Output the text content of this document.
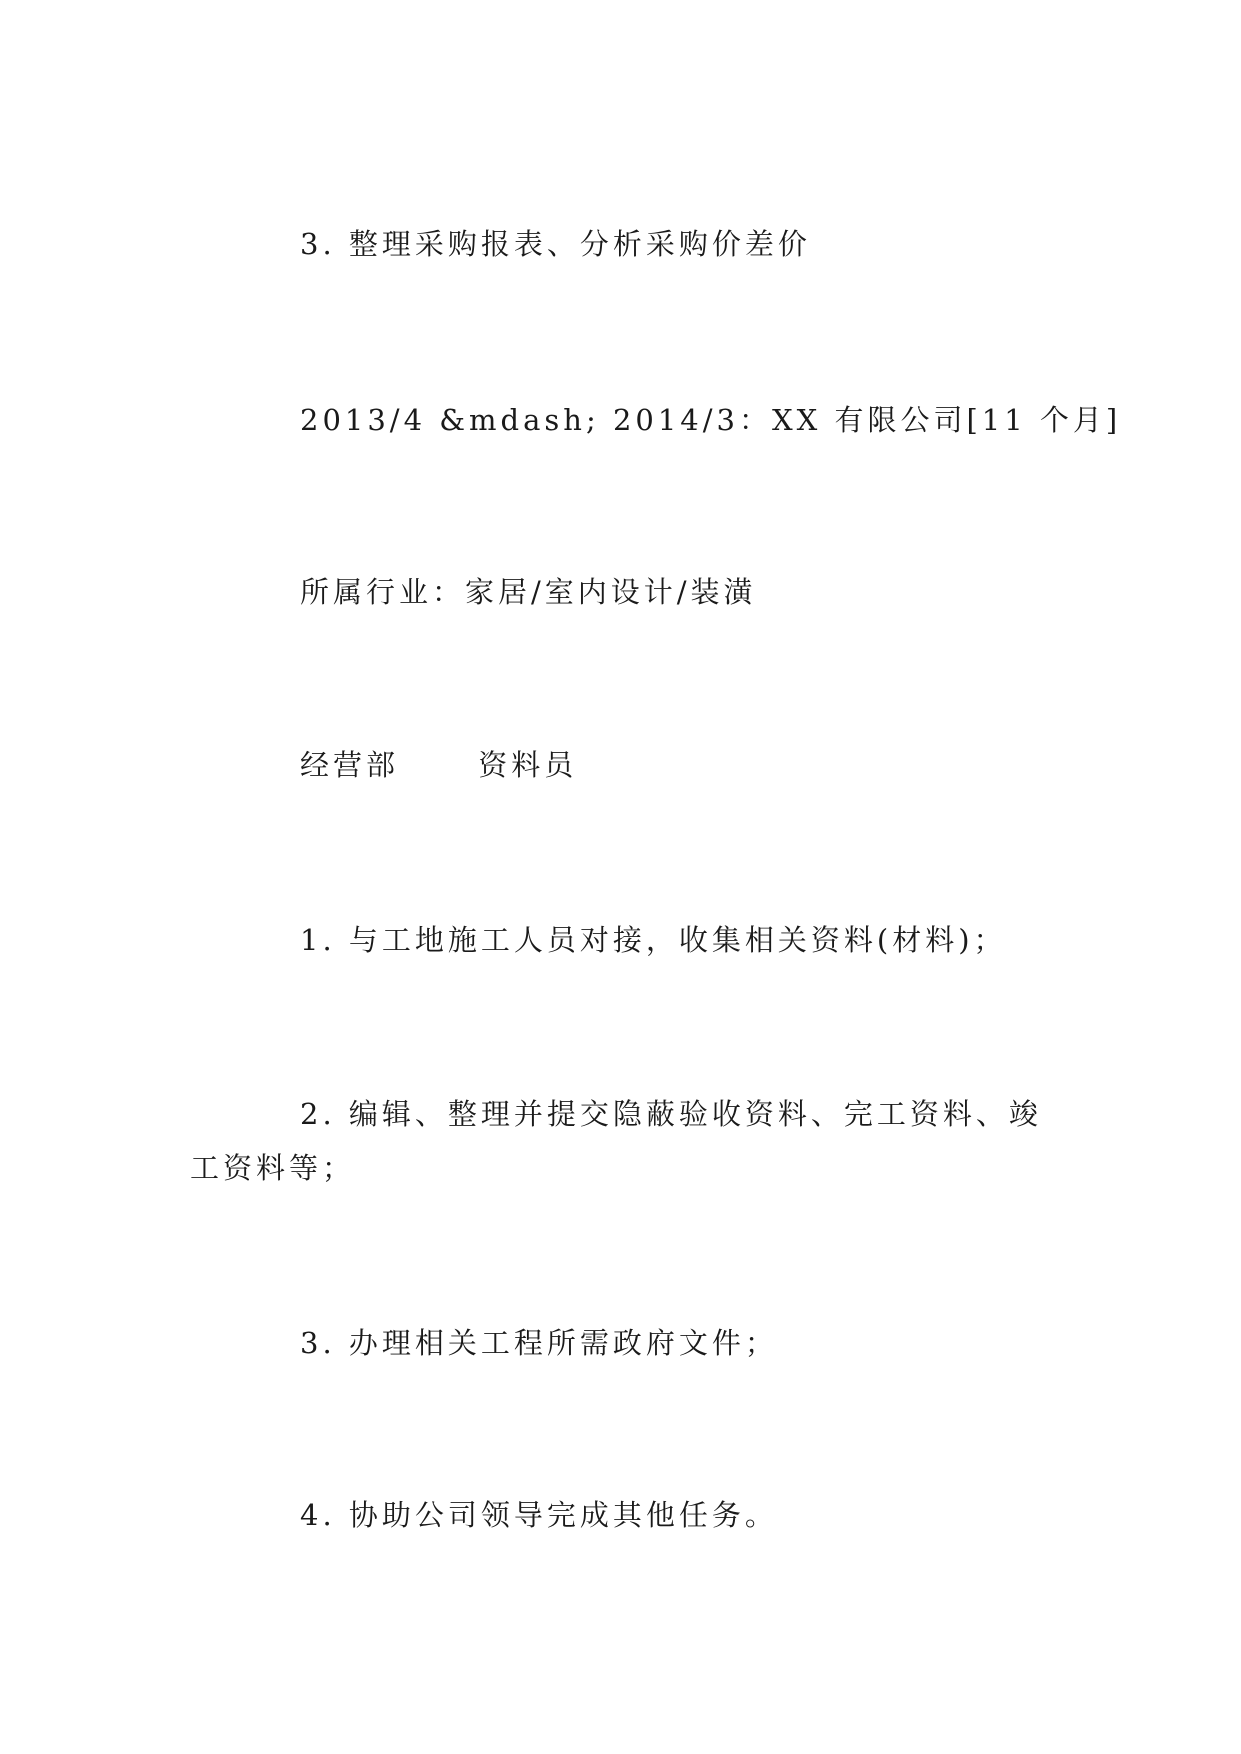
3. 整理采购报表、分析采购价差价
2013/4 &mdash; 2014/3：XX 有限公司[11 个月]
所属行业：家居/室内设计/装潢
经营部　　 资料员
1. 与工地施工人员对接，收集相关资料(材料)；
2. 编辑、整理并提交隐蔽验收资料、完工资料、竣
工资料等；
3. 办理相关工程所需政府文件；
4. 协助公司领导完成其他任务。
